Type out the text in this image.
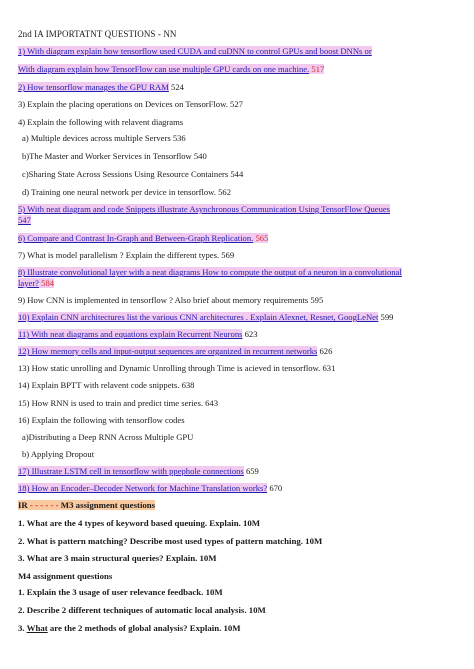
2nd IA IMPORTATNT QUESTIONS - NN
1) With diagram explain how tensorflow used CUDA and cuDNN to control GPUs and boost DNNs or
With diagram explain how TensorFlow can use multiple GPU cards on one machine. 517
2) How tensorflow manages the GPU RAM 524
3) Explain the placing operations on Devices on TensorFlow. 527
4) Explain the following with relavent diagrams
a) Multiple devices across multiple Servers 536
b)The Master and Worker Services in Tensorflow 540
c)Sharing State Across Sessions Using Resource Containers 544
d) Training one neural network per device in tensorflow. 562
5) With neat diagram and code Snippets illustrate Asynchronous Communication Using TensorFlow Queues
547
6) Compare and Contrast In-Graph and Between-Graph Replication. 565
7) What is model parallelism ? Explain the different types. 569
8) Illustrate convolutional layer with a neat diagrams How to compute the output of a neuron in a convolutional
layer? 584
9) How CNN is implemented in tensorflow ? Also brief about memory requirements 595
10) Explain CNN architectures list the various CNN architectures . Explain Alexnet, Resnet, GoogLeNet 599
11) With neat diagrams and equations explain Recurrent Neurons 623
12) How memory cells and input-output sequences are organized in recurrent networks 626
13) How static unrolling and Dynamic Unrolling through Time is acieved in tensorflow. 631
14) Explain BPTT with relavent code snippets. 638
15) How RNN is used to train and predict time series. 643
16) Explain the following with tensorflow codes
a)Distributing a Deep RNN Across Multiple GPU
b) Applying Dropout
17) Illustrate LSTM cell in tensorflow with ppephole connections 659
18) How an Encoder–Decoder Network for Machine Translation works? 670
IR - - - - - - M3 assignment questions
1. What are the 4 types of keyword based queuing. Explain. 10M
2. What is pattern matching? Describe most used types of pattern matching. 10M
3. What are 3 main structural queries? Explain. 10M
M4 assignment questions
1. Explain the 3 usage of user relevance feedback. 10M
2. Describe 2 different techniques of automatic local analysis. 10M
3. What are the 2 methods of global analysis? Explain. 10M
